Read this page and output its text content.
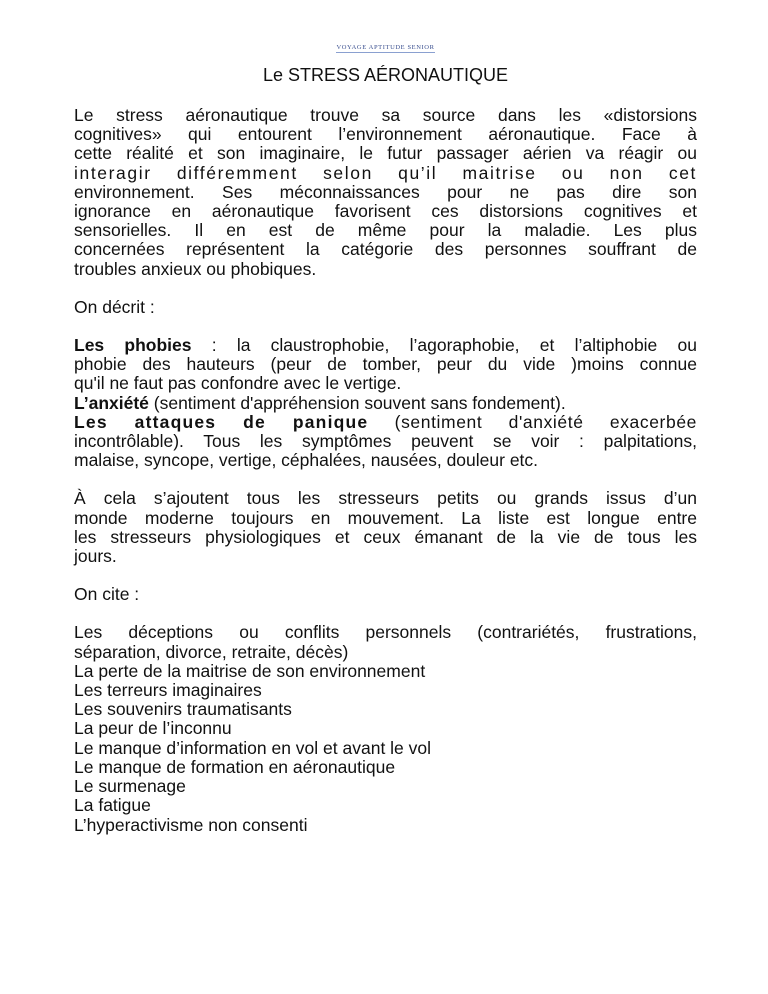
VOYAGE APTITUDE SENIOR
Le STRESS AÉRONAUTIQUE

Le stress aéronautique trouve sa source dans les «distorsions
cognitives» qui entourent l’environnement aéronautique. Face à
cette réalité et son imaginaire, le futur passager aérien va réagir ou
interagir différemment selon qu’il maitrise ou non cet
environnement. Ses méconnaissances pour ne pas dire son
ignorance en aéronautique favorisent ces distorsions cognitives et
sensorielles. Il en est de même pour la maladie. Les plus
concernées représentent la catégorie des personnes souffrant de
troubles anxieux ou phobiques.

On décrit :

Les phobies : la claustrophobie, l’agoraphobie, et l’altiphobie ou
phobie des hauteurs (peur de tomber, peur du vide )moins connue
qu'il ne faut pas confondre avec le vertige.
L’anxiété (sentiment d'appréhension souvent sans fondement).
Les attaques de panique (sentiment d'anxiété exacerbée
incontrôlable). Tous les symptômes peuvent se voir : palpitations,
malaise, syncope, vertige, céphalées, nausées, douleur etc.

À cela s’ajoutent tous les stresseurs petits ou grands issus d’un
monde moderne toujours en mouvement. La liste est longue entre
les stresseurs physiologiques et ceux émanant de la vie de tous les
jours.

On cite :

Les déceptions ou conflits personnels (contrariétés, frustrations,
séparation, divorce, retraite, décès)
La perte de la maitrise de son environnement
Les terreurs imaginaires
Les souvenirs traumatisants
La peur de l’inconnu
Le manque d’information en vol et avant le vol
Le manque de formation en aéronautique
Le surmenage
La fatigue
L’hyperactivisme non consenti
